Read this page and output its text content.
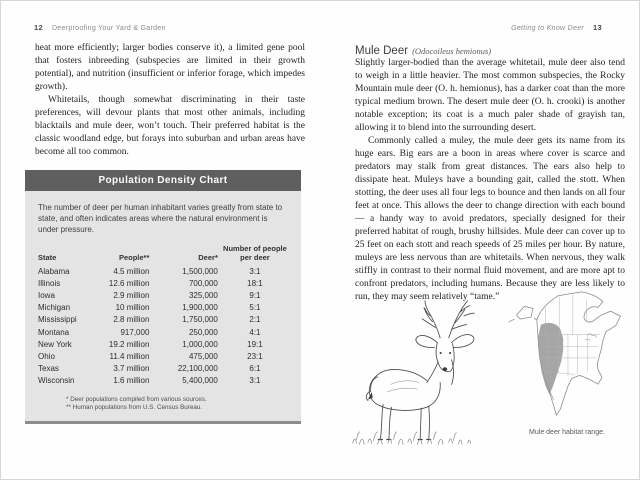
12 Deerproofing Your Yard & Garden

heat more efficiently; larger bodies conserve it), a limited gene pool that fosters inbreeding (subspecies are limited in their growth potential), and nutrition (insufficient or inferior forage, which impedes growth).

Whitetails, though somewhat discriminating in their taste preferences, will devour plants that most other animals, including blacktails and mule deer, won’t touch. Their preferred habitat is the classic woodland edge, but forays into suburban and urban areas have become all too common.

Population Density Chart
The number of deer per human inhabitant varies greatly from state to state, and often indicates areas where the natural environment is under pressure.
State	People**	Deer*	Number of people per deer
Alabama	4.5 million	1,500,000	3:1
Illinois	12.6 million	700,000	18:1
Iowa	2.9 million	325,000	9:1
Michigan	10 million	1,900,000	5:1
Mississippi	2.8 million	1,750,000	2:1
Montana	917,000	250,000	4:1
New York	19.2 million	1,000,000	19:1
Ohio	11.4 million	475,000	23:1
Texas	3.7 million	22,100,000	6:1
Wisconsin	1.6 million	5,400,000	3:1
* Deer populations compiled from various sources.
** Human populations from U.S. Census Bureau.
Getting to Know Deer 13
Mule Deer (Odocoileus hemionus)

Slightly larger-bodied than the average whitetail, mule deer also tend to weigh in a little heavier. The most common subspecies, the Rocky Mountain mule deer (O. h. hemionus), has a darker coat than the more typical medium brown. The desert mule deer (O. h. crooki) is another notable exception; its coat is a much paler shade of grayish tan, allowing it to blend into the surrounding desert.

Commonly called a muley, the mule deer gets its name from its huge ears. Big ears are a boon in areas where cover is scarce and predators may stalk from great distances. The ears also help to dissipate heat. Muleys have a bounding gait, called the stott. When stotting, the deer uses all four legs to bounce and then lands on all four feet at once. This allows the deer to change direction with each bound — a handy way to avoid predators, specially designed for their preferred habitat of rough, brushy hillsides. Mule deer can cover up to 25 feet on each stott and reach speeds of 25 miles per hour. By nature, muleys are less nervous than are whitetails. When nervous, they walk stiffly in contrast to their normal fluid movement, and are more apt to confront predators, including humans. Because they are less likely to run, they may seem relatively “tame.”

Mule deer habitat range.
